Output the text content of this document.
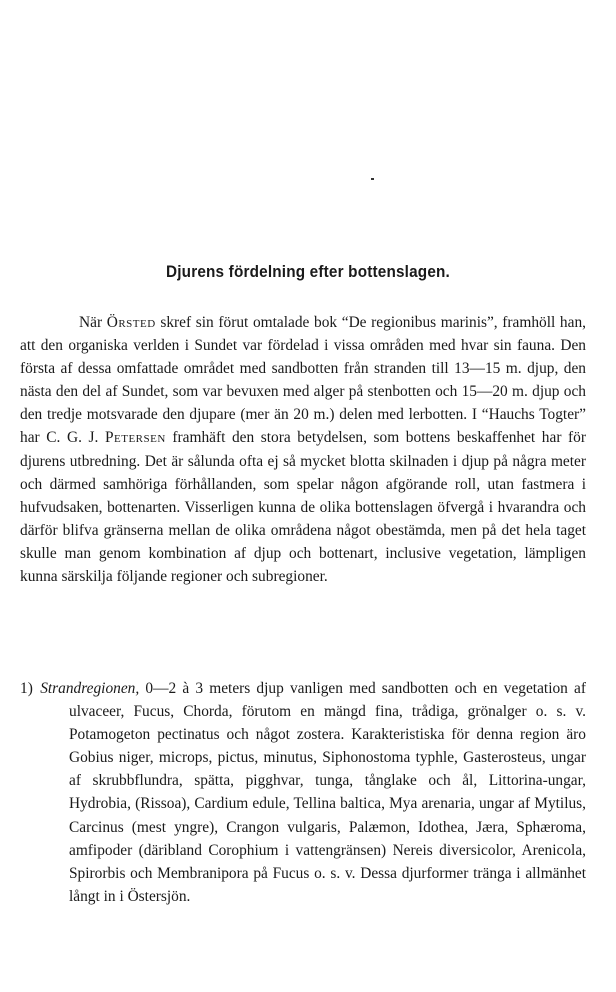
Djurens fördelning efter bottenslagen.

När Örsted skref sin förut omtalade bok “De regionibus marinis”, framhöll han, att den organiska verlden i Sundet var fördelad i vissa områden med hvar sin fauna. Den första af dessa omfattade området med sandbotten från stranden till 13—15 m. djup, den nästa den del af Sundet, som var bevuxen med alger på stenbotten och 15—20 m. djup och den tredje motsvarade den djupare (mer än 20 m.) delen med lerbotten. I “Hauchs Togter” har C. G. J. Petersen framhäft den stora betydelsen, som bottens beskaffenhet har för djurens utbredning. Det är sålunda ofta ej så mycket blotta skilnaden i djup på några meter och därmed samhöriga förhållanden, som spelar någon afgörande roll, utan fastmera i hufvudsaken, bottenarten. Visserligen kunna de olika bottenslagen öfvergå i hvarandra och därför blifva gränserna mellan de olika områdena något obestämda, men på det hela taget skulle man genom kombination af djup och bottenart, inclusive vegetation, lämpligen kunna särskilja följande regioner och subregioner.

1) Strandregionen, 0—2 à 3 meters djup vanligen med sandbotten och en vegetation af ulvaceer, Fucus, Chorda, förutom en mängd fina, trådiga, grönalger o. s. v. Potamogeton pectinatus och något zostera. Karakteristiska för denna region äro Gobius niger, microps, pictus, minutus, Siphonostoma typhle, Gasterosteus, ungar af skrubbflundra, spätta, pigghvar, tunga, tånglake och ål, Littorina-ungar, Hydrobia, (Rissoa), Cardium edule, Tellina baltica, Mya arenaria, ungar af Mytilus, Carcinus (mest yngre), Crangon vulgaris, Palæmon, Idothea, Jæra, Sphæroma, amfipoder (däribland Corophium i vattengränsen) Nereis diversicolor, Arenicola, Spirorbis och Membranipora på Fucus o. s. v. Dessa djurformer tränga i allmänhet långt in i Östersjön.
